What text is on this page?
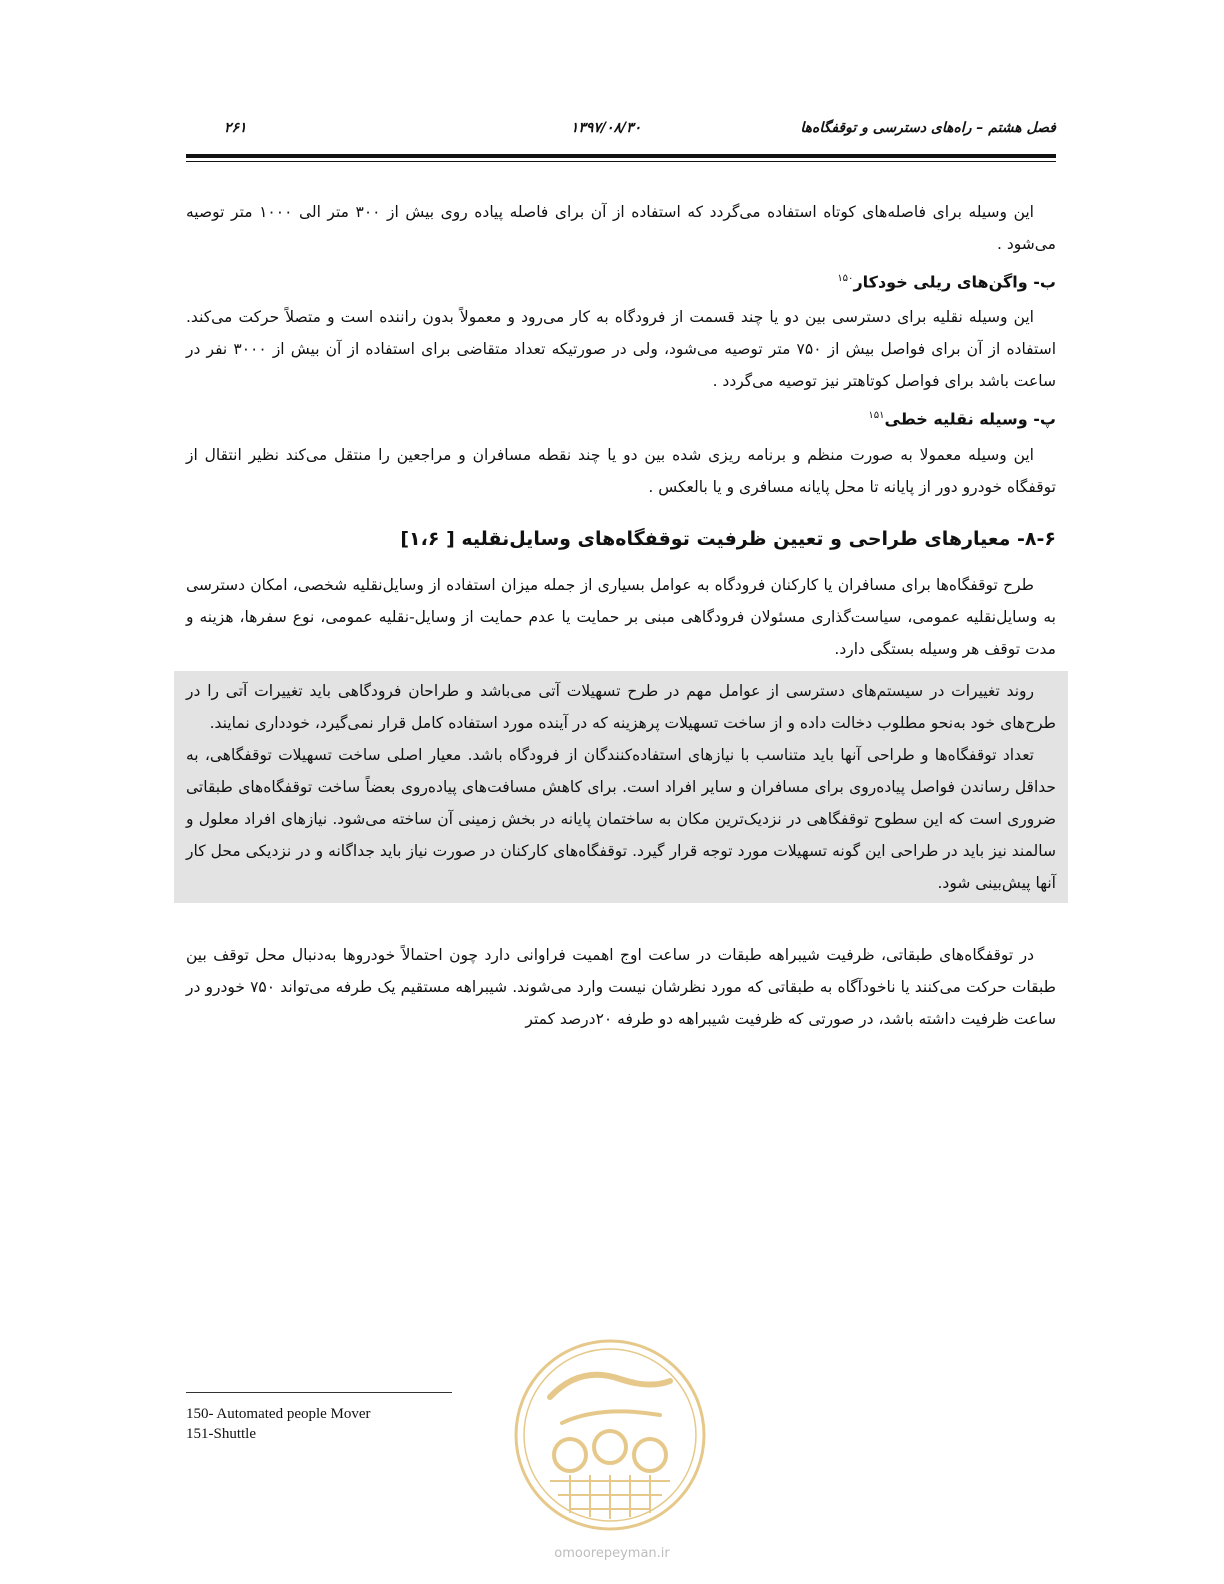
فصل هشتم – راه‌های دسترسی و توقفگاه‌ها
۱۳۹۷/۰۸/۳۰
۲۶۱

این وسیله برای فاصله‌های کوتاه استفاده می‌گردد که استفاده از آن برای فاصله پیاده روی بیش از ۳۰۰ متر الی ۱۰۰۰ متر توصیه می‌شود .

ب- واگن‌های ریلی خودکار$^{۱۵۰}$

این وسیله نقلیه برای دسترسی بین دو یا چند قسمت از فرودگاه به کار می‌رود و معمولاً بدون راننده است و متصلاً حرکت می‌کند. استفاده از آن برای فواصل بیش از ۷۵۰ متر توصیه می‌شود، ولی در صورتیکه تعداد متقاضی برای استفاده از آن بیش از ۳۰۰۰ نفر در ساعت باشد برای فواصل کوتاهتر نیز توصیه می‌گردد .

پ- وسیله نقلیه خطی$^{۱۵۱}$

این وسیله معمولا به صورت منظم و برنامه ریزی شده بین دو یا چند نقطه مسافران و مراجعین را منتقل می‌کند نظیر انتقال از توقفگاه خودرو دور از پایانه تا محل پایانه مسافری و یا بالعکس .

۸-۶- معیارهای طراحی و تعیین ظرفیت توقفگاه‌های وسایل‌نقلیه [ ۱،۶]

طرح توقفگاه‌ها برای مسافران یا کارکنان فرودگاه به عوامل بسیاری از جمله میزان استفاده از وسایل‌نقلیه شخصی، امکان دسترسی به وسایل‌نقلیه عمومی، سیاست‌گذاری مسئولان فرودگاهی مبنی بر حمایت یا عدم حمایت از وسایل-نقلیه عمومی، نوع سفرها، هزینه و مدت توقف هر وسیله بستگی دارد.

روند تغییرات در سیستم‌های دسترسی از عوامل مهم در طرح تسهیلات آتی می‌باشد و طراحان فرودگاهی باید تغییرات آتی را در طرح‌های خود به‌نحو مطلوب دخالت داده و از ساخت تسهیلات پرهزینه که در آینده مورد استفاده کامل قرار نمی‌گیرد، خودداری نمایند.

تعداد توقفگاه‌ها و طراحی آنها باید متناسب با نیازهای استفاده‌کنندگان از فرودگاه باشد. معیار اصلی ساخت تسهیلات توقفگاهی، به حداقل رساندن فواصل پیاده‌روی برای مسافران و سایر افراد است. برای کاهش مسافت‌های پیاده‌روی بعضاً ساخت توقفگاه‌های طبقاتی ضروری است که این سطوح توقفگاهی در نزدیک‌ترین مکان به ساختمان پایانه در بخش زمینی آن ساخته می‌شود. نیازهای افراد معلول و سالمند نیز باید در طراحی این گونه تسهیلات مورد توجه قرار گیرد. توقفگاه‌های کارکنان در صورت نیاز باید جداگانه و در نزدیکی محل کار آنها پیش‌بینی شود.

در توقفگاه‌های طبقاتی، ظرفیت شیبراهه طبقات در ساعت اوج اهمیت فراوانی دارد چون احتمالاً خودروها به‌دنبال محل توقف بین طبقات حرکت می‌کنند یا ناخودآگاه به طبقاتی که مورد نظرشان نیست وارد می‌شوند. شیبراهه مستقیم یک طرفه می‌تواند ۷۵۰ خودرو در ساعت ظرفیت داشته باشد، در صورتی که ظرفیت شیبراهه دو طرفه ۲۰درصد کمتر

omoorepeyman.ir
150- Automated people Mover
151-Shuttle
